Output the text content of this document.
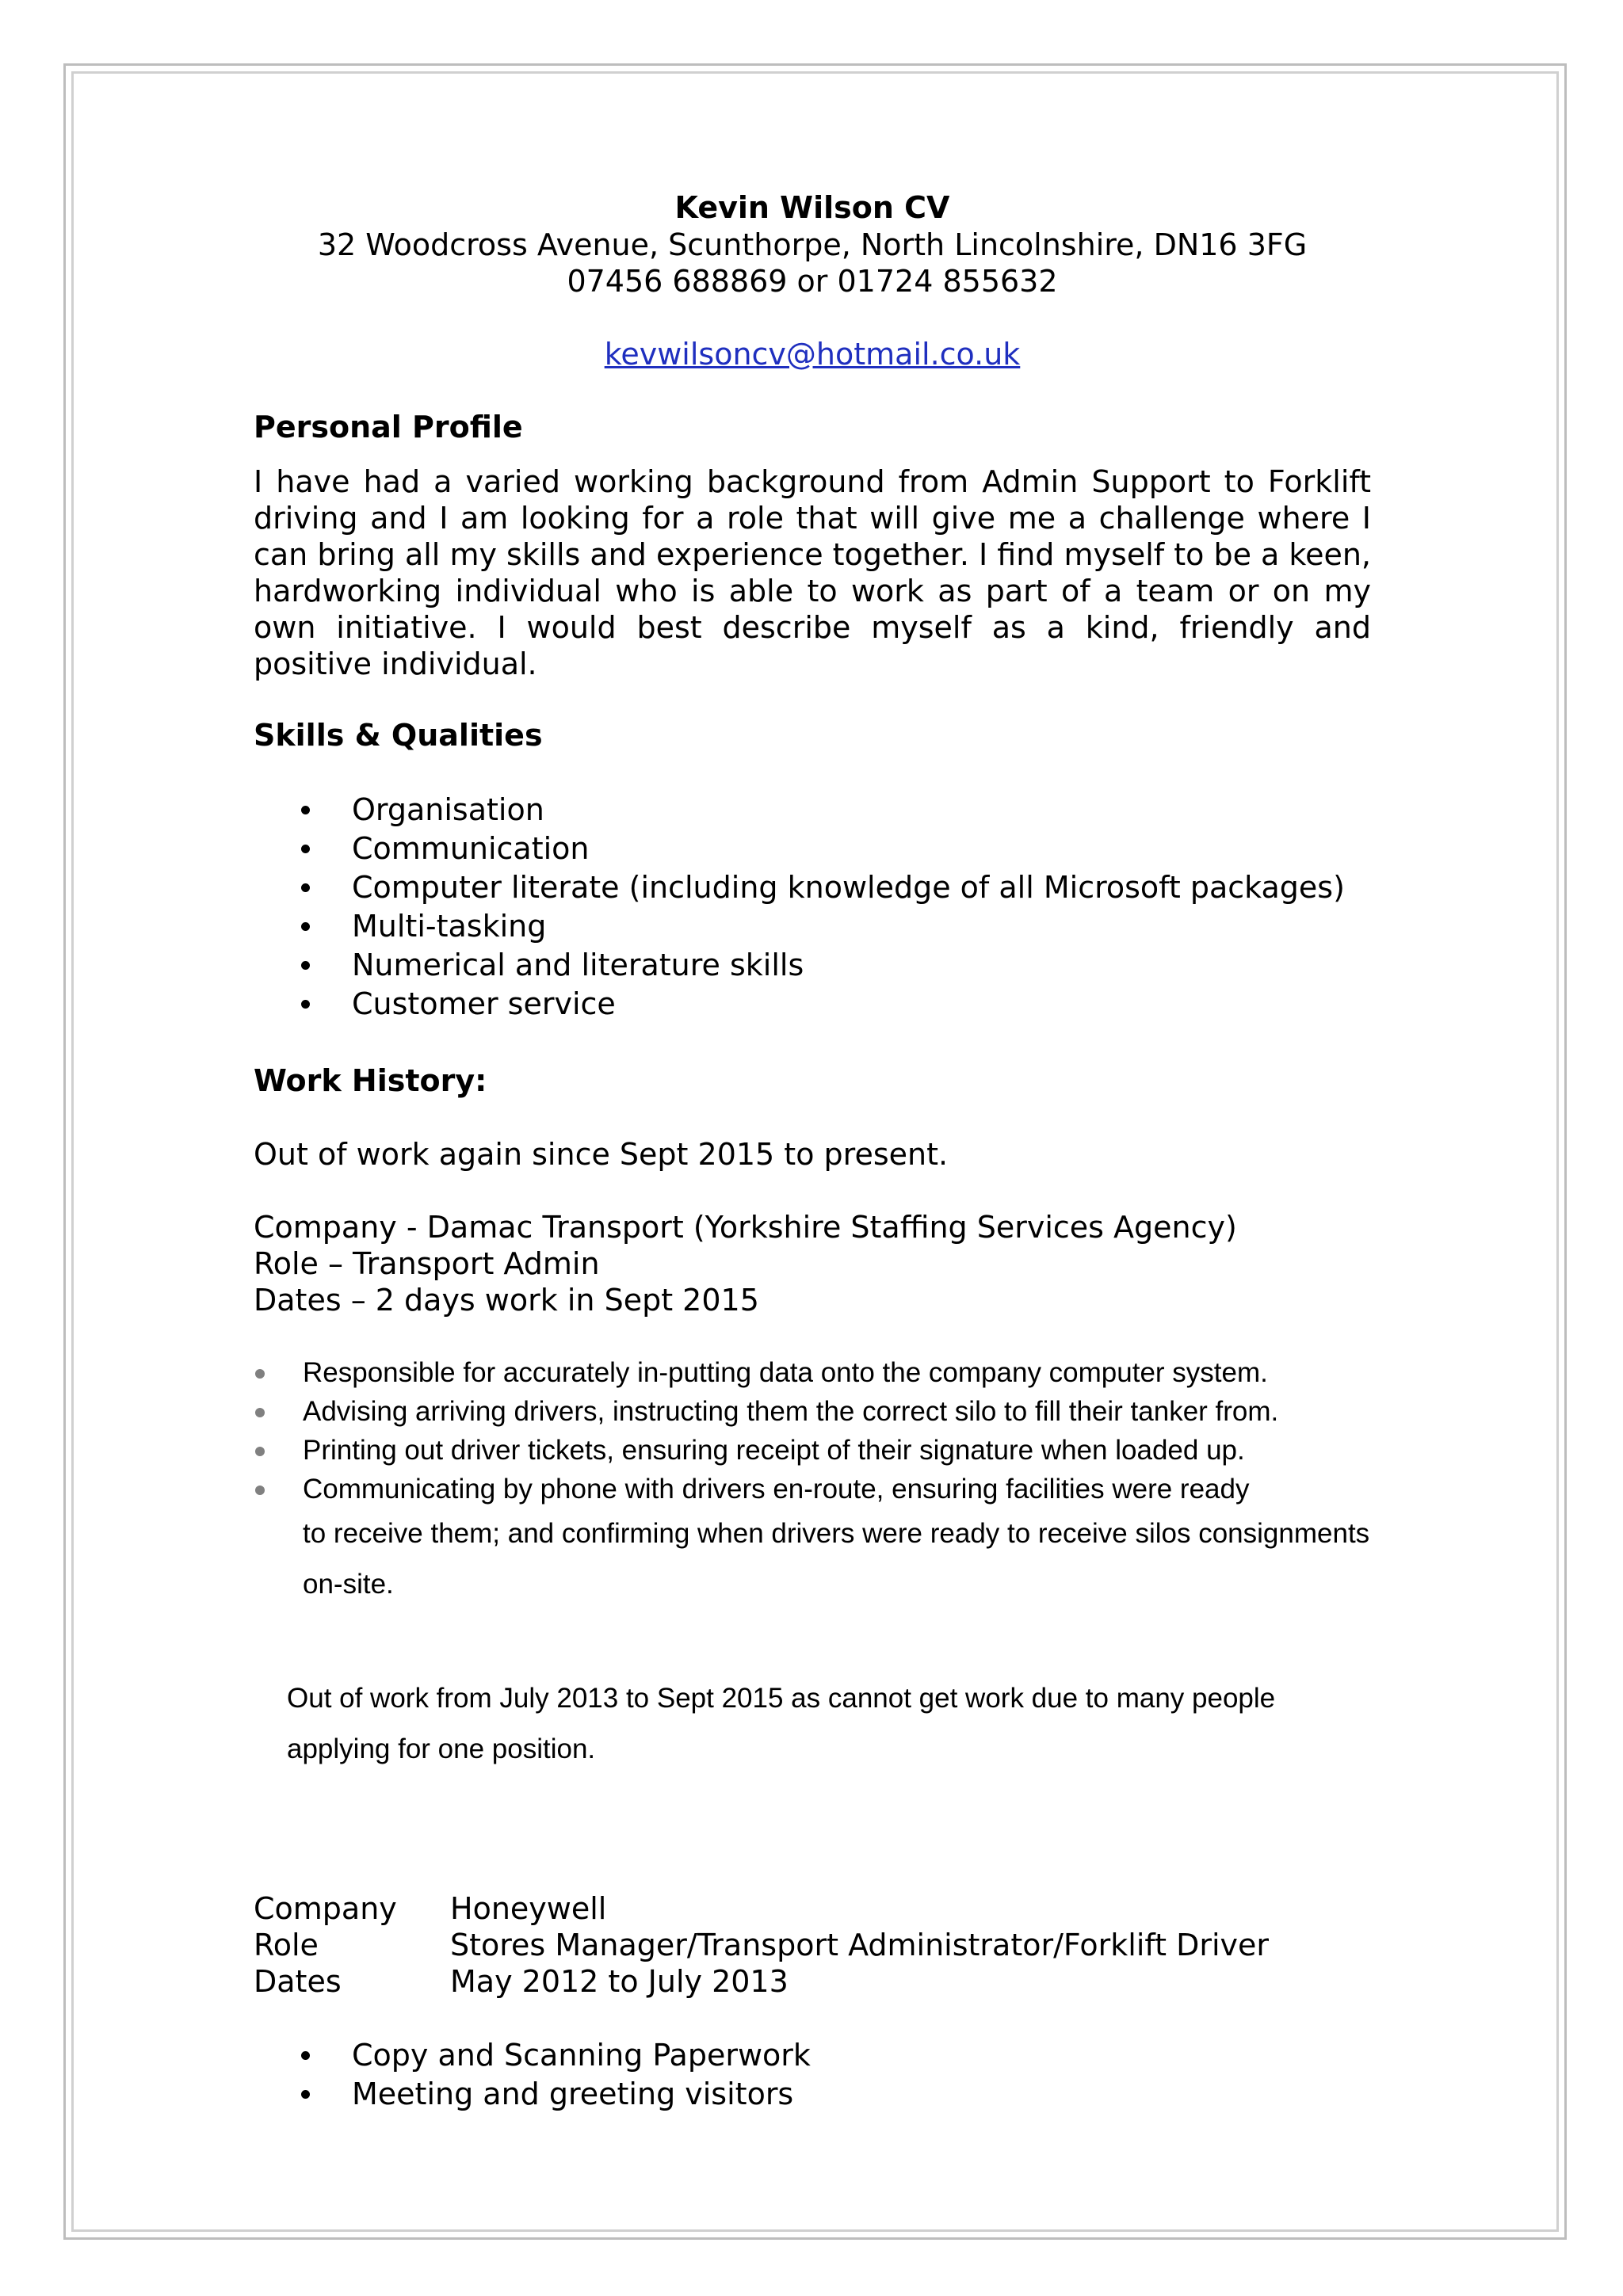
Kevin Wilson CV
32 Woodcross Avenue, Scunthorpe, North Lincolnshire, DN16 3FG
07456 688869 or 01724 855632
kevwilsoncv@hotmail.co.uk
Personal Profile
I have had a varied working background from Admin Support to Forklift driving and I am looking for a role that will give me a challenge where I can bring all my skills and experience together. I find myself to be a keen, hardworking individual who is able to work as part of a team or on my own initiative. I would best describe myself as a kind, friendly and positive individual.
Skills & Qualities
Organisation
Communication
Computer literate (including knowledge of all Microsoft packages)
Multi-tasking
Numerical and literature skills
Customer service
Work History:
Out of work again since Sept 2015 to present.
Company - Damac Transport (Yorkshire Staffing Services Agency)
Role – Transport Admin
Dates – 2 days work in Sept 2015
Responsible for accurately in-putting data onto the company computer system.
Advising arriving drivers, instructing them the correct silo to fill their tanker from.
Printing out driver tickets, ensuring receipt of their signature when loaded up.
Communicating by phone with drivers en-route, ensuring facilities were ready
to receive them; and confirming when drivers were ready to receive silos consignments
on-site.
Out of work from July 2013 to Sept 2015 as cannot get work due to many people
applying for one position.
Company Honeywell
Role	Stores Manager/Transport Administrator/Forklift Driver
Dates	May 2012 to July 2013
Copy and Scanning Paperwork
Meeting and greeting visitors
